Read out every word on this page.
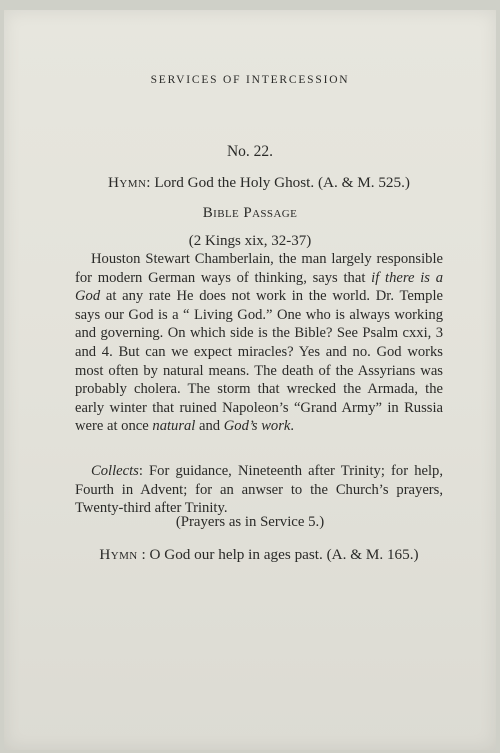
SERVICES OF INTERCESSION
No. 22.
Hymn: Lord God the Holy Ghost. (A. & M. 525.)
Bible Passage
(2 Kings xix, 32-37)
Houston Stewart Chamberlain, the man largely responsible for modern German ways of thinking, says that if there is a God at any rate He does not work in the world. Dr. Temple says our God is a “ Living God.” One who is always working and governing. On which side is the Bible? See Psalm cxxi, 3 and 4. But can we expect miracles? Yes and no. God works most often by natural means. The death of the Assyrians was probably cholera. The storm that wrecked the Armada, the early winter that ruined Napoleon’s “Grand Army” in Russia were at once natural and God’s work.
Collects: For guidance, Nineteenth after Trinity; for help, Fourth in Advent; for an anwser to the Church’s prayers, Twenty-third after Trinity.
(Prayers as in Service 5.)
Hymn : O God our help in ages past. (A. & M. 165.)
